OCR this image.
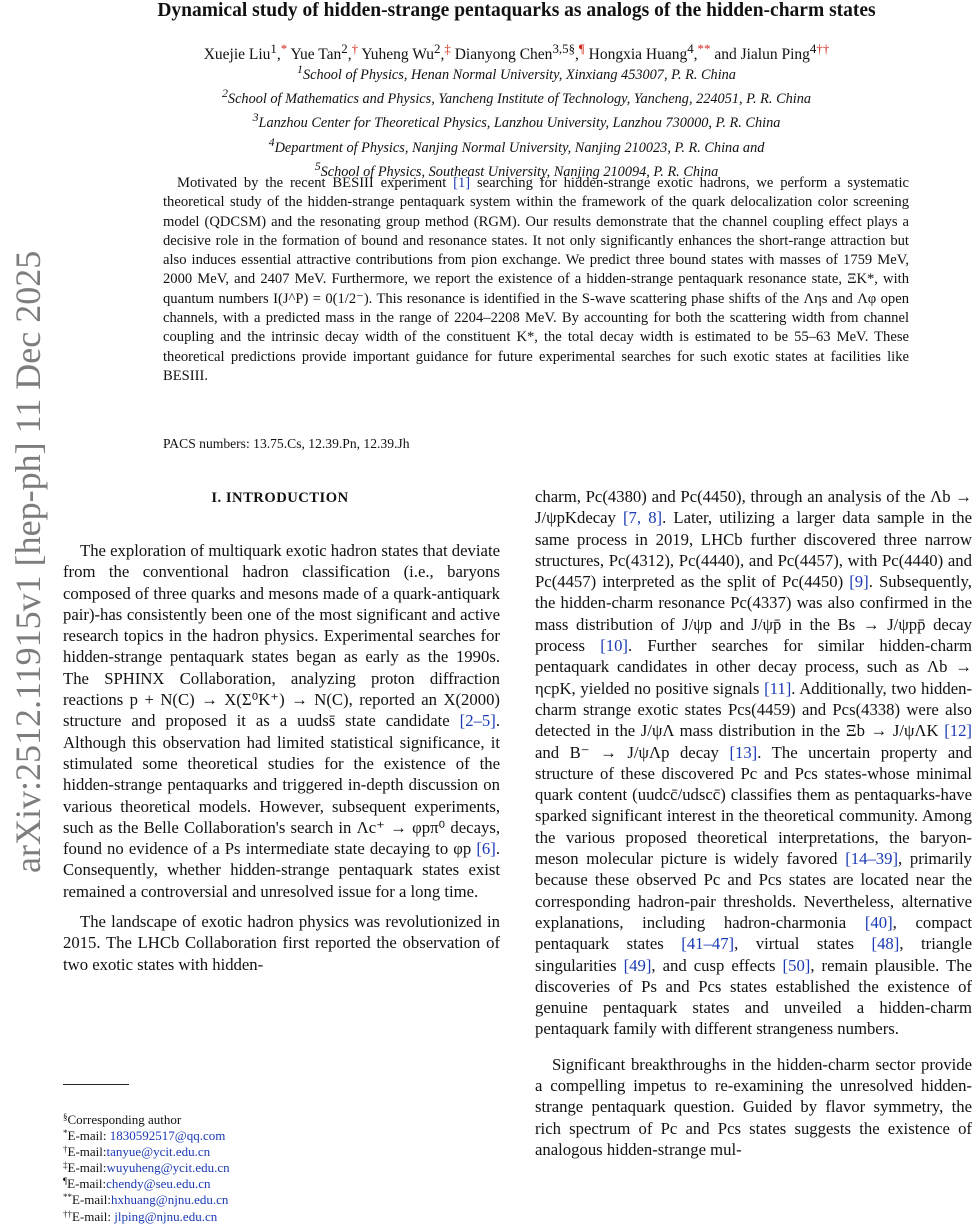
arXiv:2512.11915v1 [hep-ph] 11 Dec 2025
Dynamical study of hidden-strange pentaquarks as analogs of the hidden-charm states
Xuejie Liu$^1$,* Yue Tan$^2$,† Yuheng Wu$^2$,‡ Dianyong Chen$^{3,5\S}$,¶ Hongxia Huang$^4$,** and Jialun Ping$^{4\dagger\dagger}$
$^1$School of Physics, Henan Normal University, Xinxiang 453007, P. R. China
$^2$School of Mathematics and Physics, Yancheng Institute of Technology, Yancheng, 224051, P. R. China
$^3$Lanzhou Center for Theoretical Physics, Lanzhou University, Lanzhou 730000, P. R. China
$^4$Department of Physics, Nanjing Normal University, Nanjing 210023, P. R. China and
$^5$School of Physics, Southeast University, Nanjing 210094, P. R. China

Motivated by the recent BESIII experiment [1] searching for hidden-strange exotic hadrons, we perform a systematic theoretical study of the hidden-strange pentaquark system within the framework of the quark delocalization color screening model (QDCSM) and the resonating group method (RGM). Our results demonstrate that the channel coupling effect plays a decisive role in the formation of bound and resonance states. It not only significantly enhances the short-range attraction but also induces essential attractive contributions from pion exchange. We predict three bound states with masses of 1759 MeV, 2000 MeV, and 2407 MeV. Furthermore, we report the existence of a hidden-strange pentaquark resonance state, ΞK*, with quantum numbers I(J^P) = 0(1/2⁻). This resonance is identified in the S-wave scattering phase shifts of the Ληs and Λφ open channels, with a predicted mass in the range of 2204–2208 MeV. By accounting for both the scattering width from channel coupling and the intrinsic decay width of the constituent K*, the total decay width is estimated to be 55–63 MeV. These theoretical predictions provide important guidance for future experimental searches for such exotic states at facilities like BESIII.

PACS numbers: 13.75.Cs, 12.39.Pn, 12.39.Jh
I. INTRODUCTION

The exploration of multiquark exotic hadron states that deviate from the conventional hadron classification (i.e., baryons composed of three quarks and mesons made of a quark-antiquark pair)-has consistently been one of the most significant and active research topics in the hadron physics. Experimental searches for hidden-strange pentaquark states began as early as the 1990s. The SPHINX Collaboration, analyzing proton diffraction reactions p + N(C) → X(Σ⁰K⁺) → N(C), reported an X(2000) structure and proposed it as a uudss̄ state candidate [2–5]. Although this observation had limited statistical significance, it stimulated some theoretical studies for the existence of the hidden-strange pentaquarks and triggered in-depth discussion on various theoretical models. However, subsequent experiments, such as the Belle Collaboration's search in Λc⁺ → φpπ⁰ decays, found no evidence of a Ps intermediate state decaying to φp [6]. Consequently, whether hidden-strange pentaquark states exist remained a controversial and unresolved issue for a long time.

The landscape of exotic hadron physics was revolutionized in 2015. The LHCb Collaboration first reported the observation of two exotic states with hidden-

§Corresponding author
*E-mail: 1830592517@qq.com
†E-mail:tanyue@ycit.edu.cn
‡E-mail:wuyuheng@ycit.edu.cn
¶E-mail:chendy@seu.edu.cn
**E-mail:hxhuang@njnu.edu.cn
††E-mail: jlping@njnu.edu.cn

charm, Pc(4380) and Pc(4450), through an analysis of the Λb → J/ψpKdecay [7, 8]. Later, utilizing a larger data sample in the same process in 2019, LHCb further discovered three narrow structures, Pc(4312), Pc(4440), and Pc(4457), with Pc(4440) and Pc(4457) interpreted as the split of Pc(4450) [9]. Subsequently, the hidden-charm resonance Pc(4337) was also confirmed in the mass distribution of J/ψp and J/ψp̄ in the Bs → J/ψpp̄ decay process [10]. Further searches for similar hidden-charm pentaquark candidates in other decay process, such as Λb → ηcpK, yielded no positive signals [11]. Additionally, two hidden-charm strange exotic states Pcs(4459) and Pcs(4338) were also detected in the J/ψΛ mass distribution in the Ξb → J/ψΛK [12] and B⁻ → J/ψΛp decay [13]. The uncertain property and structure of these discovered Pc and Pcs states-whose minimal quark content (uudcc̄/udscc̄) classifies them as pentaquarks-have sparked significant interest in the theoretical community. Among the various proposed theoretical interpretations, the baryon-meson molecular picture is widely favored [14–39], primarily because these observed Pc and Pcs states are located near the corresponding hadron-pair thresholds. Nevertheless, alternative explanations, including hadron-charmonia [40], compact pentaquark states [41–47], virtual states [48], triangle singularities [49], and cusp effects [50], remain plausible. The discoveries of Ps and Pcs states established the existence of genuine pentaquark states and unveiled a hidden-charm pentaquark family with different strangeness numbers.

Significant breakthroughs in the hidden-charm sector provide a compelling impetus to re-examining the unresolved hidden-strange pentaquark question. Guided by flavor symmetry, the rich spectrum of Pc and Pcs states suggests the existence of analogous hidden-strange mul-
